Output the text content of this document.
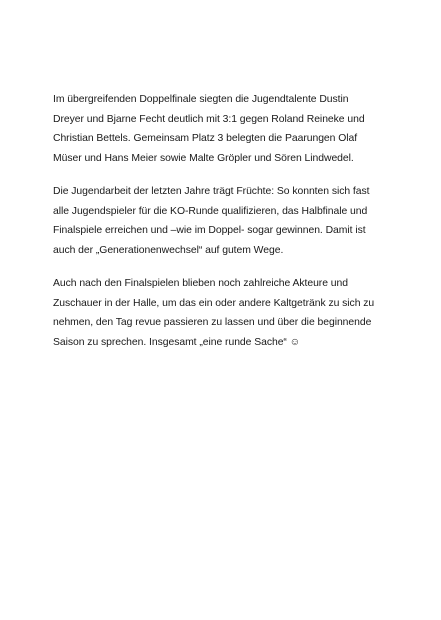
Im übergreifenden Doppelfinale siegten die Jugendtalente Dustin
Dreyer und Bjarne Fecht deutlich mit 3:1 gegen Roland Reineke und
Christian Bettels. Gemeinsam Platz 3 belegten die Paarungen Olaf
Müser und Hans Meier sowie Malte Gröpler und Sören Lindwedel.

Die Jugendarbeit der letzten Jahre trägt Früchte: So konnten sich fast
alle Jugendspieler für die KO-Runde qualifizieren, das Halbfinale und
Finalspiele erreichen und –wie im Doppel- sogar gewinnen. Damit ist
auch der „Generationenwechsel“ auf gutem Wege.

Auch nach den Finalspielen blieben noch zahlreiche Akteure und
Zuschauer in der Halle, um das ein oder andere Kaltgetränk zu sich zu
nehmen, den Tag revue passieren zu lassen und über die beginnende
Saison zu sprechen. Insgesamt „eine runde Sache“ ☺
